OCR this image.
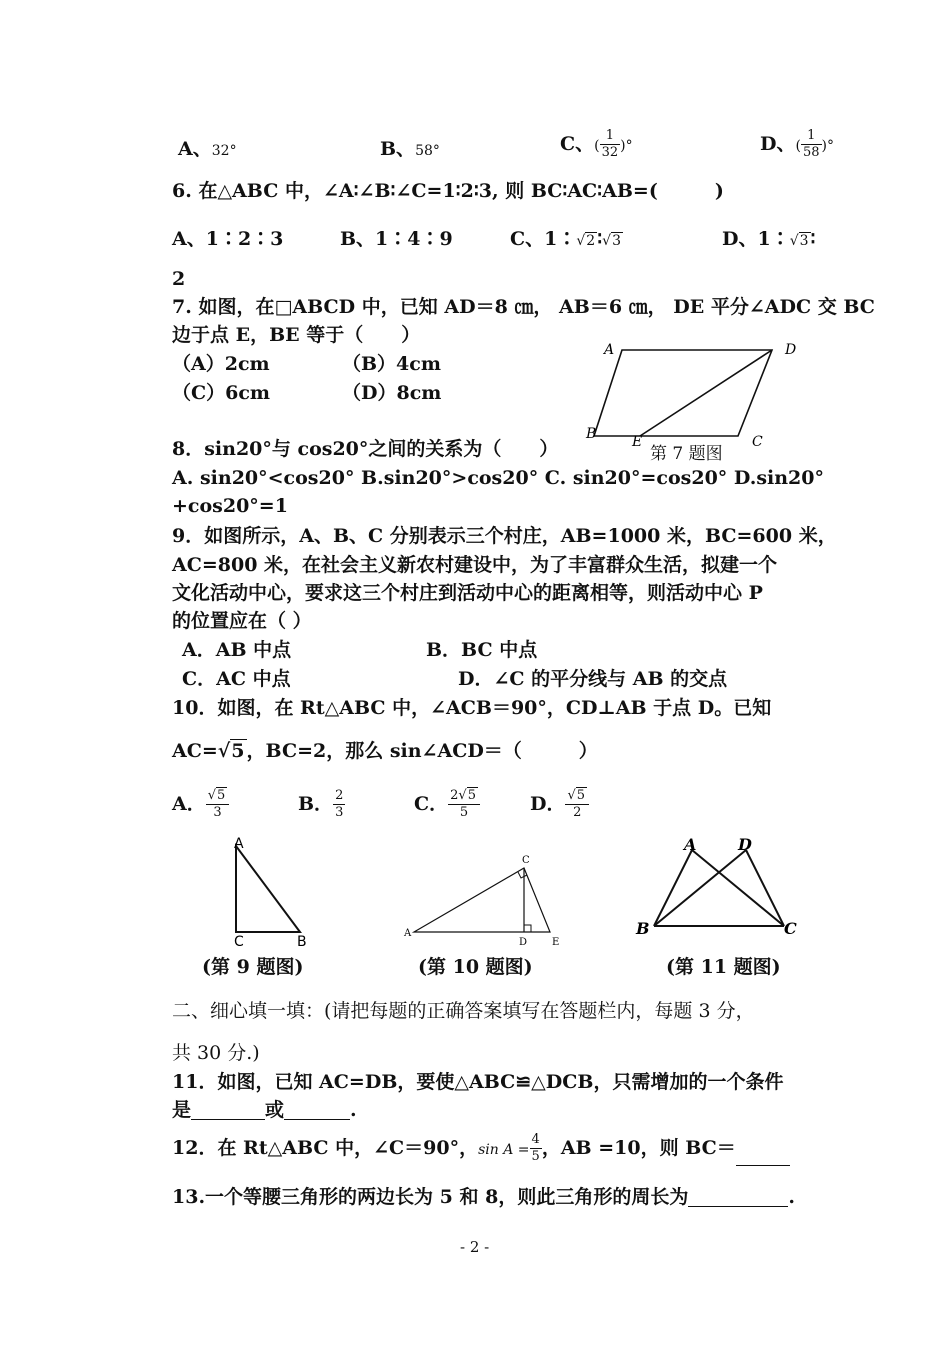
A、32°	B、58°	C、( $\frac{1}{32}$ )°	D、( $\frac{1}{58}$ )°
6. 在△ABC 中，∠A∶∠B∶∠C=1∶2∶3, 则 BC∶AC∶AB=(　　　)
A、1∶2∶3	B、1∶4∶9	C、1∶√2 ∶√3	D、1∶√3 ∶
2
7. 如图，在□ABCD 中，已知 AD＝8 ㎝， AB＝6 ㎝， DE 平分∠ADC 交 BC
边于点 E，BE 等于（　　）
（A）2cm	（B）4cm
（C）6cm	（D）8cm
A	D
B	E	C
第 7 题图
8．sin20°与 cos20°之间的关系为（　　）
A. sin20°<cos20° B.sin20°>cos20° C. sin20°=cos20° D.sin20°
+cos20°=1
9．如图所示，A、B、C 分别表示三个村庄，AB=1000 米，BC=600 米，
AC=800 米，在社会主义新农村建设中，为了丰富群众生活，拟建一个
文化活动中心，要求这三个村庄到活动中心的距离相等，则活动中心 P
的位置应在（ ）
A．AB 中点	B．BC 中点
C．AC 中点	D．∠C 的平分线与 AB 的交点
10．如图，在 Rt△ABC 中，∠ACB＝90°，CD⊥AB 于点 D。已知
AC=√5 ，BC=2，那么 sin∠ACD＝（　　　）
A． $\frac{√5}{3}$	B． $\frac{2}{3}$	C． $\frac{2√5}{5}$	D． $\frac{√5}{2}$
A
C	B
A
C
D E
A	D
B	C
(第 9 题图)	(第 10 题图)	(第 11 题图)
二、细心填一填：(请把每题的正确答案填写在答题栏内，每题 3 分，
共 30 分.)
11．如图，已知 AC=DB，要使△ABC≌△DCB，只需增加的一个条件
是	或	.
12．在 Rt△ABC 中，∠C＝90°，$\sin A = \frac{4}{5}$ ，AB =10，则 BC＝
13.一个等腰三角形的两边长为 5 和 8，则此三角形的周长为	.
- 2 -
